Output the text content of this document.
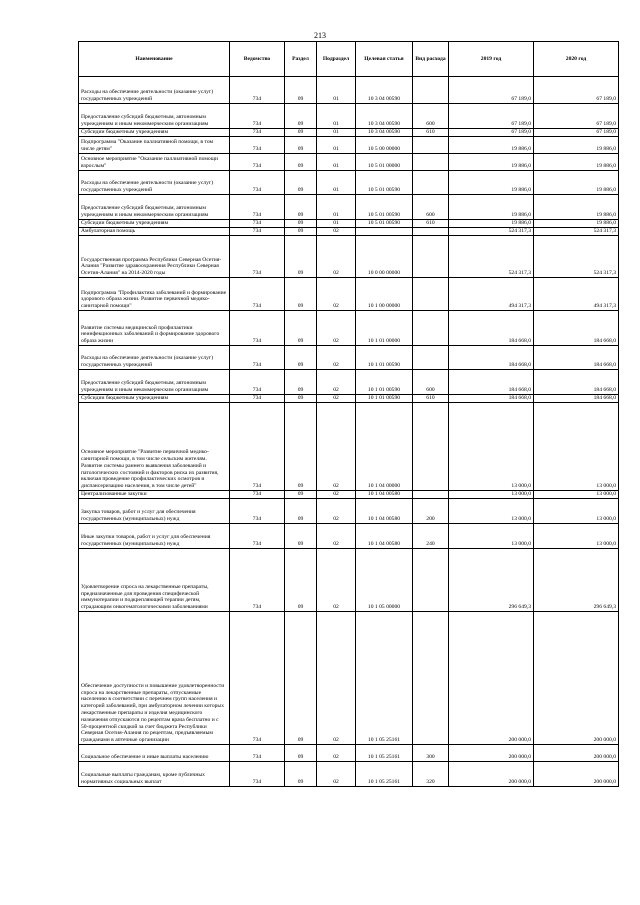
213
Наименование	Ведомство	Раздел	Подраздел	Целевая статья	Вид расхода	2019 год	2020 год
Расходы на обеспечение деятельности (оказание услуг) государственных учреждений	734	09	01	10 3 04 00590		67 189,0	67 189,0
Предоставление субсидий бюджетным, автономным учреждениям и иным некоммерческим организациям	734	09	01	10 3 04 00590	600	67 189,0	67 189,0
Субсидии бюджетным учреждениям	734	09	01	10 3 04 00590	610	67 189,0	67 189,0
Подпрограмма "Оказание паллиативной помощи, в том числе детям"	734	09	01	10 5 00 00000		19 886,0	19 886,0
Основное мероприятие "Оказание паллиативной помощи взрослым"	734	09	01	10 5 01 00000		19 886,0	19 886,0
Расходы на обеспечение деятельности (оказание услуг) государственных учреждений	734	09	01	10 5 01 00590		19 886,0	19 886,0
Предоставление субсидий бюджетным, автономным учреждениям и иным некоммерческим организациям	734	09	01	10 5 01 00590	600	19 886,0	19 886,0
Субсидии бюджетным учреждениям	734	09	01	10 5 01 00590	610	19 886,0	19 886,0
Амбулаторная помощь	734	09	02			524 317,3	524 317,3
Государственная программа Республики Северная Осетия-Алания "Развитие здравоохранения Республики Северная Осетия-Алания" на 2014-2020 годы	734	09	02	10 0 00 00000		524 317,3	524 317,3
Подпрограмма "Профилактика заболеваний и формирование здорового образа жизни. Развитие первичной медико-санитарной помощи"	734	09	02	10 1 00 00000		494 317,3	494 317,3
Развитие системы медицинской профилактики неинфекционных заболеваний и формирование здорового образа жизни	734	09	02	10 1 01 00000		184 668,0	184 668,0
Расходы на обеспечение деятельности (оказание услуг) государственных учреждений	734	09	02	10 1 01 00590		184 668,0	184 668,0
Предоставление субсидий бюджетным, автономным учреждениям и иным некоммерческим организациям	734	09	02	10 1 01 00590	600	184 668,0	184 668,0
Субсидии бюджетным учреждениям	734	09	02	10 1 01 00590	610	184 668,0	184 668,0
Основное мероприятие "Развитие первичной медико-санитарной помощи, в том числе сельским жителям. Развитие системы раннего выявления заболеваний и патологических состояний и факторов риска их развития, включая проведение профилактических осмотров и диспансеризацию населения, в том числе детей"	734	09	02	10 1 04 00000		13 000,0	13 000,0
Централизованные закупки	734	09	02	10 1 04 00580		13 000,0	13 000,0
Закупка товаров, работ и услуг для обеспечения государственных (муниципальных) нужд	734	09	02	10 1 04 00580	200	13 000,0	13 000,0
Иные закупки товаров, работ и услуг для обеспечения государственных (муниципальных) нужд	734	09	02	10 1 04 00580	240	13 000,0	13 000,0
Удовлетворение спроса на лекарственные препараты, предназначенные для проведения специфической иммунотерапии и подкрепляющей терапии детям, страдающим онкогематологическими заболеваниями	734	09	02	10 1 05 00000		296 649,3	296 649,3
Обеспечение доступности и повышение удовлетворенности спроса на лекарственные препараты, отпускаемые населению в соответствии с перечнем групп населения и категорий заболеваний, при амбулаторном лечении которых лекарственные препараты и изделия медицинского назначения отпускаются по рецептам врача бесплатно и с 50-процентной скидкой за счет бюджета Республики Северная Осетия-Алания по рецептам, предъявляемым гражданами в аптечные организации	734	09	02	10 1 05 25161		200 000,0	200 000,0
Социальное обеспечение и иные выплаты населению	734	09	02	10 1 05 25161	300	200 000,0	200 000,0
Социальные выплаты гражданам, кроме публичных нормативных социальных выплат	734	09	02	10 1 05 25161	320	200 000,0	200 000,0
